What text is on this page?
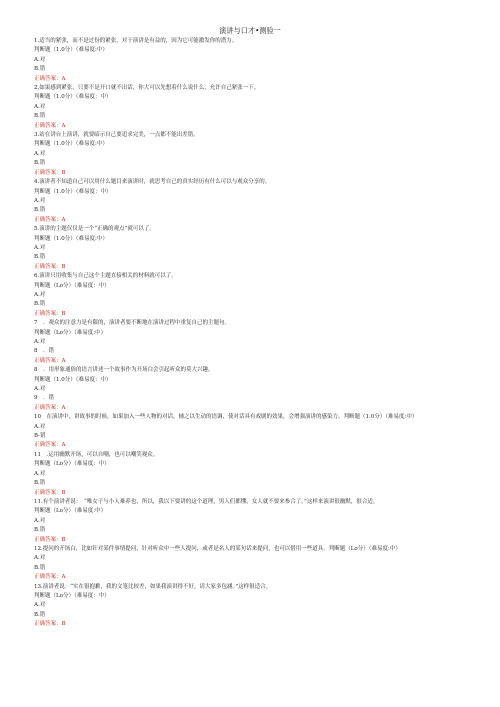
演讲与口才•测验一

1.适当的紧张，而不是过份的紧张，对于演讲是有益的，因为它可能激发你的潜力。

判断题（1.0分）（难易度:中）

A.对

B.错

正确答案：A

2.如果感到紧张，只要不是开口就不出话，你大可以先想着什么说什么，允许自己紧张一下。

判断题（1.0分）（难易度：中）

A.对

B.错

正确答案：A

3.站在讲台上演讲，就要暗示自己要追求完美，一点都不能出差错。

判断题（1.0分）（难易度:中）

A.对

B.错

正确答案：B

4.演讲者不知道自己可以用什么题目来演讲时，就思考自己的真实经历有什么可以与观众分享的。

判断题（1.0分）（难易度：中）

A.对

B.错

正确答案：A

5.演讲的主题仅仅是一个“正确的观点”就可以了。

判断题（1.0分）（难易度:中）

A.对

B.错

正确答案：B

6.演讲只用收集与自己这个主题直接相关的材料就可以了。

判断题（Lo分）（难易度：中）

A.对

B.错

正确答案：B

7　．观众的注意力是有限的，演讲者要不断地在演讲过程中重复自己的主题句。

判断题（Lo分）（难易度:中）

A.对

8　．错

正确答案：A

8　．用形象通俗的语言讲述一个故事作为开场白会引起听众的莫大兴趣。

判断题（1.0分）（难易度：中）

A.对

9　．错

正确答案：A

10　在演讲中，讲故事的时候，如果加入一些人物的对话，辅之以生动的语调，使对话具有戏剧的效果，会增强演讲的感染力。判断题（1.0分）（难易度:中）

A.对

B-错

正确答案：A

11　.运用幽默开场，可以自嘲，也可以嘲笑观众。

判断题（Lo分）（难易度：中）

A.对

B.错

正确答案：B

11.有个演讲者说：　“唯女子与小人难养也，所以，我以下要讲的这个道理，男人们都懂，女人就不要来参合了。”这样来演讲很幽默，很合适。

判断题（Lo分）（难易度:中）

A.对

B.错

正确答案：B

12.提问的开场白，比如针对某件事情提问，针对听众中一些人提问，或者是名人的某句话来提问，也可以借用一些道具。判断题（Lo分）（难易度:中）

A.对

B.错

正确答案：A

13.演讲者说：“实在很抱歉，我的文笔比较差，如果我演讲得不好，请大家多包涵。”这样很适合。

判断题（Lo分）（难易度：中）

A.对

B.错

正确答案：B
